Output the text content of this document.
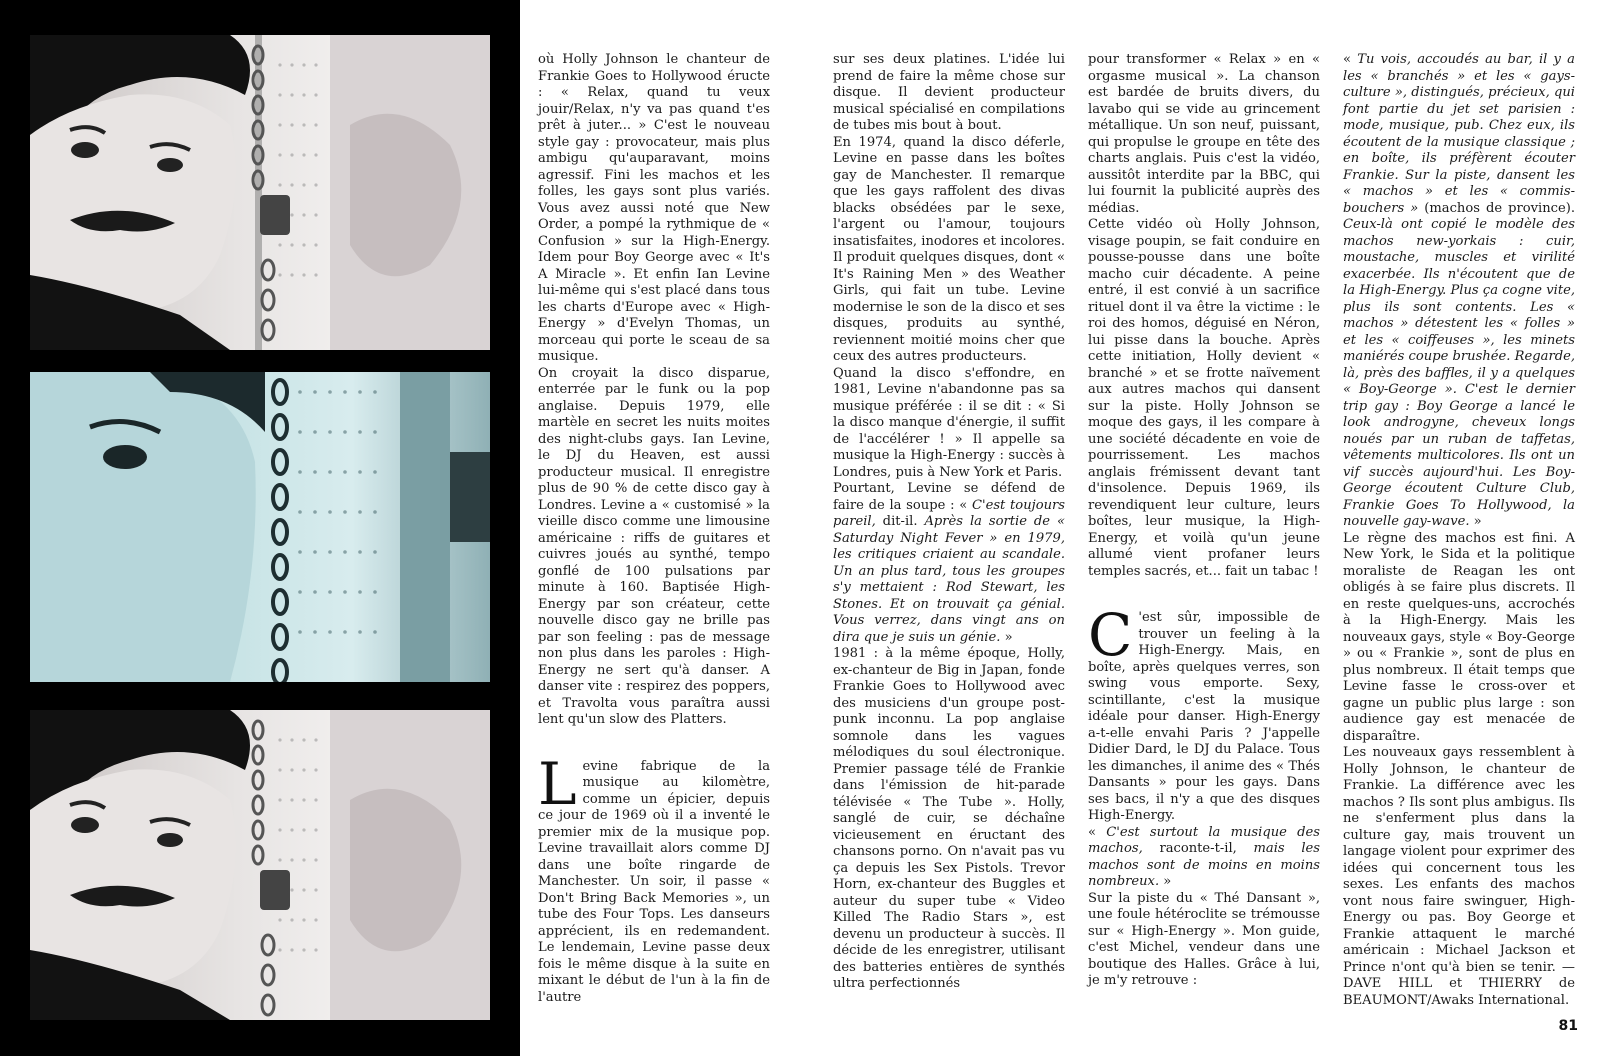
où Holly Johnson le chanteur de Frankie Goes to Hollywood éructe : « Relax, quand tu veux jouir/Relax, n'y va pas quand t'es prêt à juter... » C'est le nouveau style gay : provocateur, mais plus ambigu qu'auparavant, moins agressif. Fini les machos et les folles, les gays sont plus variés. Vous avez aussi noté que New Order, a pompé la rythmique de « Confusion » sur la High-Energy. Idem pour Boy George avec « It's A Miracle ». Et enfin Ian Levine lui-même qui s'est placé dans tous les charts d'Europe avec « High-Energy » d'Evelyn Thomas, un morceau qui porte le sceau de sa musique.

On croyait la disco disparue, enterrée par le funk ou la pop anglaise. Depuis 1979, elle martèle en secret les nuits moites des night-clubs gays. Ian Levine, le DJ du Heaven, est aussi producteur musical. Il enregistre plus de 90 % de cette disco gay à Londres. Levine a « customisé » la vieille disco comme une limousine américaine : riffs de guitares et cuivres joués au synthé, tempo gonflé de 100 pulsations par minute à 160. Baptisée High-Energy par son créateur, cette nouvelle disco gay ne brille pas par son feeling : pas de message non plus dans les paroles : High-Energy ne sert qu'à danser. A danser vite : respirez des poppers, et Travolta vous paraîtra aussi lent qu'un slow des Platters.

Levine fabrique de la musique au kilomètre, comme un épicier, depuis ce jour de 1969 où il a inventé le premier mix de la musique pop. Levine travaillait alors comme DJ dans une boîte ringarde de Manchester. Un soir, il passe « Don't Bring Back Memories », un tube des Four Tops. Les danseurs apprécient, ils en redemandent. Le lendemain, Levine passe deux fois le même disque à la suite en mixant le début de l'un à la fin de l'autre

sur ses deux platines. L'idée lui prend de faire la même chose sur disque. Il devient producteur musical spécialisé en compilations de tubes mis bout à bout.

En 1974, quand la disco déferle, Levine en passe dans les boîtes gay de Manchester. Il remarque que les gays raffolent des divas blacks obsédées par le sexe, l'argent ou l'amour, toujours insatisfaites, inodores et incolores. Il produit quelques disques, dont « It's Raining Men » des Weather Girls, qui fait un tube. Levine modernise le son de la disco et ses disques, produits au synthé, reviennent moitié moins cher que ceux des autres producteurs.

Quand la disco s'effondre, en 1981, Levine n'abandonne pas sa musique préférée : il se dit : « Si la disco manque d'énergie, il suffit de l'accélérer ! » Il appelle sa musique la High-Energy : succès à Londres, puis à New York et Paris.

Pourtant, Levine se défend de faire de la soupe : « C'est toujours pareil, dit-il. Après la sortie de « Saturday Night Fever » en 1979, les critiques criaient au scandale. Un an plus tard, tous les groupes s'y mettaient : Rod Stewart, les Stones. Et on trouvait ça génial. Vous verrez, dans vingt ans on dira que je suis un génie. »

1981 : à la même époque, Holly, ex-chanteur de Big in Japan, fonde Frankie Goes to Hollywood avec des musiciens d'un groupe post-punk inconnu. La pop anglaise somnole dans les vagues mélodiques du soul électronique. Premier passage télé de Frankie dans l'émission de hit-parade télévisée « The Tube ». Holly, sanglé de cuir, se déchaîne vicieusement en éructant des chansons porno. On n'avait pas vu ça depuis les Sex Pistols. Trevor Horn, ex-chanteur des Buggles et auteur du super tube « Video Killed The Radio Stars », est devenu un producteur à succès. Il décide de les enregistrer, utilisant des batteries entières de synthés ultra perfectionnés

pour transformer « Relax » en « orgasme musical ». La chanson est bardée de bruits divers, du lavabo qui se vide au grincement métallique. Un son neuf, puissant, qui propulse le groupe en tête des charts anglais. Puis c'est la vidéo, aussitôt interdite par la BBC, qui lui fournit la publicité auprès des médias.

Cette vidéo où Holly Johnson, visage poupin, se fait conduire en pousse-pousse dans une boîte macho cuir décadente. A peine entré, il est convié à un sacrifice rituel dont il va être la victime : le roi des homos, déguisé en Néron, lui pisse dans la bouche. Après cette initiation, Holly devient « branché » et se frotte naïvement aux autres machos qui dansent sur la piste. Holly Johnson se moque des gays, il les compare à une société décadente en voie de pourrissement. Les machos anglais frémissent devant tant d'insolence. Depuis 1969, ils revendiquent leur culture, leurs boîtes, leur musique, la High-Energy, et voilà qu'un jeune allumé vient profaner leurs temples sacrés, et... fait un tabac !

C 'est sûr, impossible de trouver un feeling à la High-Energy. Mais, en boîte, après quelques verres, son swing vous emporte. Sexy, scintillante, c'est la musique idéale pour danser. High-Energy a-t-elle envahi Paris ? J'appelle Didier Dard, le DJ du Palace. Tous les dimanches, il anime des « Thés Dansants » pour les gays. Dans ses bacs, il n'y a que des disques High-Energy.

« C'est surtout la musique des machos, raconte-t-il, mais les machos sont de moins en moins nombreux. »

Sur la piste du « Thé Dansant », une foule hétéroclite se trémousse sur « High-Energy ». Mon guide, c'est Michel, vendeur dans une boutique des Halles. Grâce à lui, je m'y retrouve :

« Tu vois, accoudés au bar, il y a les « branchés » et les « gays-culture », distingués, précieux, qui font partie du jet set parisien : mode, musique, pub. Chez eux, ils écoutent de la musique classique ; en boîte, ils préfèrent écouter Frankie. Sur la piste, dansent les « machos » et les « commis-bouchers » (machos de province). Ceux-là ont copié le modèle des machos new-yorkais : cuir, moustache, muscles et virilité exacerbée. Ils n'écoutent que de la High-Energy. Plus ça cogne vite, plus ils sont contents. Les « machos » détestent les « folles » et les « coiffeuses », les minets maniérés coupe brushée. Regarde, là, près des baffles, il y a quelques « Boy-George ». C'est le dernier trip gay : Boy George a lancé le look androgyne, cheveux longs noués par un ruban de taffetas, vêtements multicolores. Ils ont un vif succès aujourd'hui. Les Boy-George écoutent Culture Club, Frankie Goes To Hollywood, la nouvelle gay-wave. »

Le règne des machos est fini. A New York, le Sida et la politique moraliste de Reagan les ont obligés à se faire plus discrets. Il en reste quelques-uns, accrochés à la High-Energy. Mais les nouveaux gays, style « Boy-George » ou « Frankie », sont de plus en plus nombreux. Il était temps que Levine fasse le cross-over et gagne un public plus large : son audience gay est menacée de disparaître.

Les nouveaux gays ressemblent à Holly Johnson, le chanteur de Frankie. La différence avec les machos ? Ils sont plus ambigus. Ils ne s'enferment plus dans la culture gay, mais trouvent un langage violent pour exprimer des idées qui concernent tous les sexes. Les enfants des machos vont nous faire swinguer, High-Energy ou pas. Boy George et Frankie attaquent le marché américain : Michael Jackson et Prince n'ont qu'à bien se tenir. — DAVE HILL et THIERRY de BEAUMONT/Awaks International.

81
